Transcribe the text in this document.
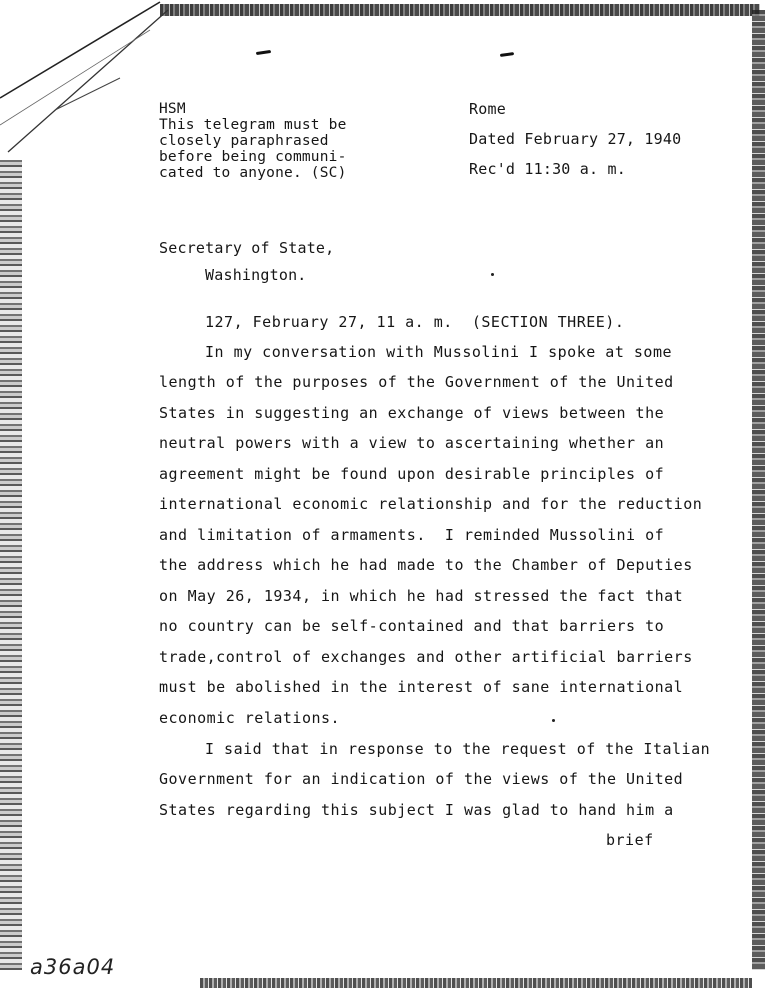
HSM
This telegram must be
closely paraphrased
before being communi-
cated to anyone. (SC)
Rome
Dated February 27, 1940
Rec'd 11:30 a. m.
Secretary of State,
Washington.
127, February 27, 11 a. m.  (SECTION THREE).
In my conversation with Mussolini I spoke at some
length of the purposes of the Government of the United
States in suggesting an exchange of views between the
neutral powers with a view to ascertaining whether an
agreement might be found upon desirable principles of
international economic relationship and for the reduction
and limitation of armaments.  I reminded Mussolini of
the address which he had made to the Chamber of Deputies
on May 26, 1934, in which he had stressed the fact that
no country can be self-contained and that barriers to
trade,control of exchanges and other artificial barriers
must be abolished in the interest of sane international
economic relations.
I said that in response to the request of the Italian
Government for an indication of the views of the United
States regarding this subject I was glad to hand him a
brief
a36a04
